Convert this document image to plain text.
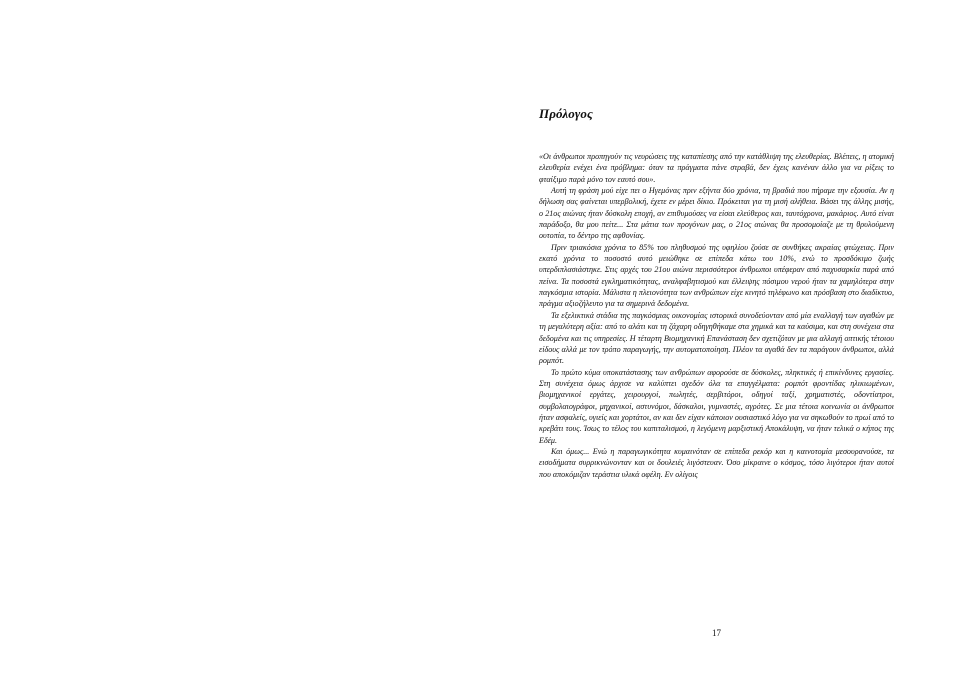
Πρόλογος

«Οι άνθρωποι προπηγούν τις νευρώσεις της καταπίεσης από την κατάθλιψη της ελευθερίας. Βλέπεις, η ατομική ελευθερία ενέχει ένα πρόβλημα: όταν τα πράγματα πάνε στραβά, δεν έχεις κανέναν άλλο για να ρίξεις το φταίξιμο παρά μόνο τον εαυτό σου».

Αυτή τη φράση μού είχε πει ο Ηγεμόνας πριν εξήντα δύο χρόνια, τη βραδιά που πήραμε την εξουσία. Αν η δήλωση σας φαίνεται υπερβολική, έχετε εν μέρει δίκιο. Πρόκειται για τη μισή αλήθεια. Βάσει της άλλης μισής, ο 21ος αιώνας ήταν δύσκολη εποχή, αν επιθυμούσες να είσαι ελεύθερος και, ταυτόχρονα, μακάριος. Αυτό είναι παράδοξο, θα μου πείτε... Στα μάτια των προγόνων μας, ο 21ος αιώνας θα προσομοίαζε με τη θρυλούμενη ουτοπία, το δέντρο της αφθονίας.

Πριν τριακόσια χρόνια το 85% του πληθυσμού της υφηλίου ζούσε σε συνθήκες ακραίας φτώχειας. Πριν εκατό χρόνια το ποσοστό αυτό μειώθηκε σε επίπεδα κάτω του 10%, ενώ το προσδόκιμο ζωής υπερδιπλασιάστηκε. Στις αρχές του 21ου αιώνα περισσότεροι άνθρωποι υπέφεραν από παχυσαρκία παρά από πείνα. Τα ποσοστά εγκληματικότητας, αναλφαβητισμού και έλλειψης πόσιμου νερού ήταν τα χαμηλότερα στην παγκόσμια ιστορία. Μάλιστα η πλειονότητα των ανθρώπων είχε κινητό τηλέφωνο και πρόσβαση στο διαδίκτυο, πράγμα αξιοζήλευτο για τα σημερινά δεδομένα.

Τα εξελικτικά στάδια της παγκόσμιας οικονομίας ιστορικά συνοδεύονταν από μία εναλλαγή των αγαθών με τη μεγαλύτερη αξία: από το αλάτι και τη ζάχαρη οδηγηθήκαμε στα χημικά και τα καύσιμα, και στη συνέχεια στα δεδομένα και τις υπηρεσίες. Η τέταρτη Βιομηχανική Επανάσταση δεν σχετιζόταν με μια αλλαγή οπτικής τέτοιου είδους αλλά με τον τρόπο παραγωγής, την αυτοματοποίηση. Πλέον τα αγαθά δεν τα παράγουν άνθρωποι, αλλά ρομπότ.

Το πρώτο κύμα υποκατάστασης των ανθρώπων αφορούσε σε δύσκολες, πληκτικές ή επικίνδυνες εργασίες. Στη συνέχεια όμως άρχισε να καλύπτει σχεδόν όλα τα επαγγέλματα: ρομπότ φροντίδας ηλικιωμένων, βιομηχανικοί εργάτες, χειρουργοί, πωλητές, σερβιτόροι, οδηγοί ταξί, χρηματιστές, οδοντίατροι, συμβολαιογράφοι, μηχανικοί, αστυνόμοι, δάσκαλοι, γυμναστές, αγρότες. Σε μια τέτοια κοινωνία οι άνθρωποι ήταν ασφαλείς, υγιείς και χορτάτοι, αν και δεν είχαν κάποιον ουσιαστικό λόγο για να σηκωθούν το πρωί από το κρεβάτι τους. Ίσως το τέλος του καπιταλισμού, η λεγόμενη μαρξιστική Αποκάλυψη, να ήταν τελικά ο κήπος της Εδέμ.

Και όμως... Ενώ η παραγωγικότητα κυμαινόταν σε επίπεδα ρεκόρ και η καινοτομία μεσουρανούσε, τα εισοδήματα συρρικνώνονταν και οι δουλειές λιγόστευαν. Όσο μίκραινε ο κόσμος, τόσο λιγότεροι ήταν αυτοί που αποκόμιζαν τεράστια υλικά οφέλη. Εν ολίγοις

17
